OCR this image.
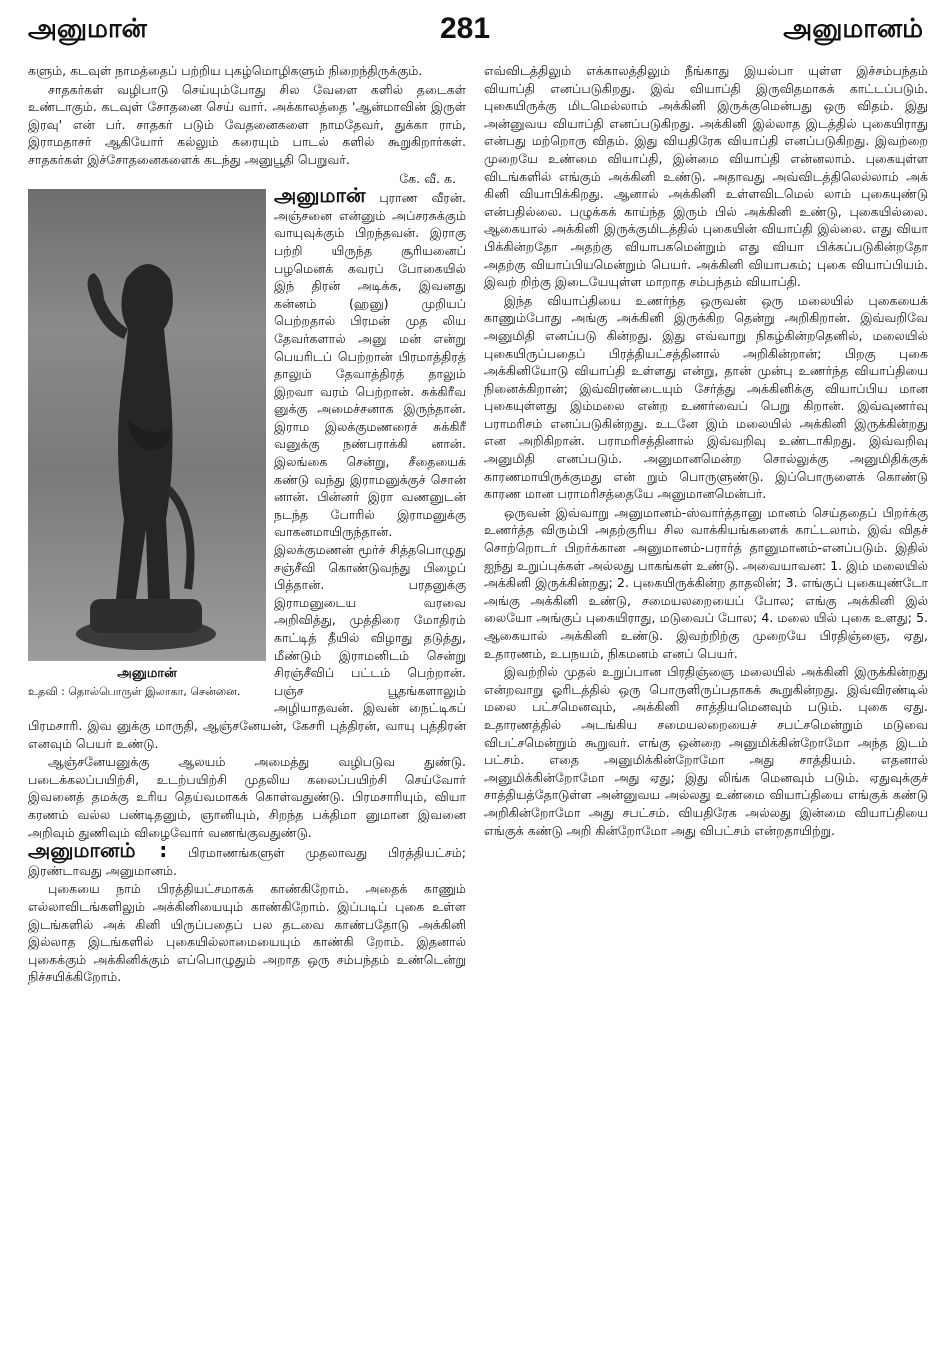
அனுமான்	281	அனுமானம்

களும், கடவுள் நாமத்தைப் பற்றிய புகழ்மொழிகளும் நிறைந்திருக்கும்.

சாதகர்கள் வழிபாடு செய்யும்போது சில வேளை களில் தடைகள் உண்டாகும். கடவுள் சோதனை செய் வார். அக்காலத்தை 'ஆன்மாவின் இருள் இரவு' என் பர். சாதகர் படும் வேதனைகளை நாமதேவர், துக்கா ராம், இராமதாசர் ஆகியோர் கல்லும் கரையும் பாடல் களில் கூறுகிறார்கள். சாதகர்கள் இச்சோதனைகளைக் கடந்து அனுபூதி பெறுவர்.

கே. வீ. க.

அனுமான்
அனுமான்
உதவி : தொல்பொருள் இலாகா, சென்னை.
புராண வீரன். அஞ்சனை என்னும் அப்சரசுக்கும் வாயுவுக்கும் பிறந்தவன். இராகு பற்றி யிருந்த சூரியனைப் பழமெனக் கவரப் போகையில் இந் திரன் அடிக்க, இவனது கன்னம் (ஹனு) முறியப் பெற்றதால் பிரமன் முத லிய தேவர்களால் அனு மன் என்று பெயரிடப் பெற்றான் பிரமாத்திரத் தாலும் தேவாத்திரத் தாலும் இறவா வரம் பெற்றான். சுக்கிரீவ னுக்கு அமைச்சனாக இருந்தான். இராம இலக்குமணரைச் சுக்கிரீ வனுக்கு நண்பராக்கி னான். இலங்கை சென்று, சீதையைக் கண்டு வந்து இராமனுக்குச் சொன் னான். பின்னர் இரா வணனுடன் நடந்த போரில் இராமனுக்கு வாகனமாயிருந்தான். இலக்குமணன் மூர்ச் சித்தபொழுது சஞ்சீவி கொண்டுவந்து பிழைப் பித்தான். பரதனுக்கு இராமனுடைய வரவை அறிவித்து, முத்திரை மோதிரம் காட்டித் தீயில் விழாது தடுத்து, மீண்டும் இராமனிடம் சென்று சிரஞ்சீவிப் பட்டம் பெற்றான். பஞ்ச பூதங்களாலும் அழியாதவன். இவன் நைட்டிகப் பிரமசாரி. இவ னுக்கு மாருதி, ஆஞ்சனேயன், கேசரி புத்திரன், வாயு புத்திரன் எனவும் பெயர் உண்டு.

ஆஞ்சனேயனுக்கு ஆலயம் அமைத்து வழிபடுவ துண்டு. படைக்கலப்பயிற்சி, உடற்பயிற்சி முதலிய கலைப்பயிற்சி செய்வோர் இவனைத் தமக்கு உரிய தெய்வமாகக் கொள்வதுண்டு. பிரமசாரியும், வியா கரணம் வல்ல பண்டிதனும், ஞானியும், சிறந்த பக்திமா னுமான இவனை அறிவும் துணிவும் விழைவோர் வணங்குவதுண்டு.

அனுமானம் : பிரமாணங்களுள் முதலாவது பிரத்தியட்சம்; இரண்டாவது அனுமானம்.

புகையை நாம் பிரத்தியட்சமாகக் காண்கிறோம். அதைக் காணும் எல்லாவிடங்களிலும் அக்கினியையும் காண்கிறோம். இப்படிப் புகை உள்ள இடங்களில் அக் கினி யிருப்பதைப் பல தடவை காண்பதோடு அக்கினி இல்லாத இடங்களில் புகையில்லாமையையும் காண்கி றோம். இதனால் புகைக்கும் அக்கினிக்கும் எப்பொழுதும் அறாத ஒரு சம்பந்தம் உண்டென்று நிச்சயிக்கிறோம்.

எவ்விடத்திலும் எக்காலத்திலும் நீங்காது இயல்பா யுள்ள இச்சம்பந்தம் வியாப்தி எனப்படுகிறது. இவ் வியாப்தி இருவிதமாகக் காட்டப்படும். புகையிருக்கு மிடமெல்லாம் அக்கினி இருக்குமென்பது ஒரு விதம். இது அன்னுவய வியாப்தி எனப்படுகிறது. அக்கினி இல்லாத இடத்தில் புகையிராது என்பது மற்றொரு விதம். இது வியதிரேக வியாப்தி எனப்படுகிறது. இவற்றை முறையே உண்மை வியாப்தி, இன்மை வியாப்தி என்னலாம். புகையுள்ள விடங்களில் எங்கும் அக்கினி உண்டு. அதாவது அவ்விடத்திலெல்லாம் அக் கினி வியாபிக்கிறது. ஆனால் அக்கினி உள்ளவிடமெல் லாம் புகையுண்டு என்பதில்லை. பழுக்கக் காய்ந்த இரும் பில் அக்கினி உண்டு, புகையில்லை. ஆகையால் அக்கினி இருக்குமிடத்தில் புகையின் வியாப்தி இல்லை. எது வியா பிக்கின்றதோ அதற்கு வியாபகமென்றும் எது வியா பிக்கப்படுகின்றதோ அதற்கு வியாப்பியமென்றும் பெயர். அக்கினி வியாபகம்; புகை வியாப்பியம். இவற் றிற்கு இடையேயுள்ள மாறாத சம்பந்தம் வியாப்தி.

இந்த வியாப்தியை உணர்ந்த ஒருவன் ஒரு மலையில் புகையைக் காணும்போது அங்கு அக்கினி இருக்கிற தென்று அறிகிறான். இவ்வறிவே அனுமிதி எனப்படு கின்றது. இது எவ்வாறு நிகழ்கின்றதெனில், மலையில் புகையிருப்பதைப் பிரத்தியட்சத்தினால் அறிகின்றான்; பிறகு புகை அக்கினியோடு வியாப்தி உள்ளது என்று, தான் முன்பு உணர்ந்த வியாப்தியை நினைக்கிறான்; இவ்விரண்டையும் சேர்த்து அக்கினிக்கு வியாப்பிய மான புகையுள்ளது இம்மலை என்ற உணர்வைப் பெறு கிறான். இவ்வுணர்வு பராமரிசம் எனப்படுகின்றது. உடனே இம் மலையில் அக்கினி இருக்கின்றது என அறிகிறான். பராமரிசத்தினால் இவ்வறிவு உண்டாகிறது. இவ்வறிவு அனுமிதி எனப்படும். அனுமானமென்ற சொல்லுக்கு அனுமிதிக்குக் காரணமாயிருக்குமது என் றும் பொருளுண்டு. இப்பொருளைக் கொண்டு காரண மான பராமரிசத்தையே அனுமானமென்பர்.

ஒருவன் இவ்வாறு அனுமானம்-ஸ்வார்த்தானு மானம் செய்ததைப் பிறர்க்கு உணர்த்த விரும்பி அதற்குரிய சில வாக்கியங்களைக் காட்டலாம். இவ் விதச் சொற்றொடர் பிறர்க்கான அனுமானம்-பரார்த் தானுமானம்-எனப்படும். இதில் ஐந்து உறுப்புக்கள் அல்லது பாகங்கள் உண்டு. அவையாவன: 1. இம் மலையில் அக்கினி இருக்கின்றது; 2. புகையிருக்கின்ற தாதலின்; 3. எங்குப் புகையுண்டோ அங்கு அக்கினி உண்டு, சமையலறையைப் போல; எங்கு அக்கினி இல் லையோ அங்குப் புகையிராது, மடுவைப் போல; 4. மலை யில் புகை உளது; 5. ஆகையால் அக்கினி உண்டு. இவற்றிற்கு முறையே பிரதிஞ்ஞை, ஏது, உதாரணம், உபநயம், நிகமனம் எனப் பெயர்.

இவற்றில் முதல் உறுப்பான பிரதிஞ்ஞை மலையில் அக்கினி இருக்கின்றது என்றவாறு ஓரிடத்தில் ஒரு பொருளிருப்பதாகக் கூறுகின்றது. இவ்விரண்டில் மலை பட்சமெனவும், அக்கினி சாத்தியமெனவும் படும். புகை ஏது. உதாரணத்தில் அடங்கிய சமையலறையைச் சபட்சமென்றும் மடுவை விபட்சமென்றும் கூறுவர். எங்கு ஒன்றை அனுமிக்கின்றோமோ அந்த இடம் பட்சம். எதை அனுமிக்கின்றோமோ அது சாத்தியம். எதனால் அனுமிக்கின்றோமோ அது ஏது; இது லிங்க மெனவும் படும். ஏதுவுக்குச் சாத்தியத்தோடுள்ள அன்னுவய அல்லது உண்மை வியாப்தியை எங்குக் கண்டு அறிகின்றோமோ அது சபட்சம். வியதிரேக அல்லது இன்மை வியாப்தியை எங்குக் கண்டு அறி கின்றோமோ அது விபட்சம் என்றதாயிற்று.
